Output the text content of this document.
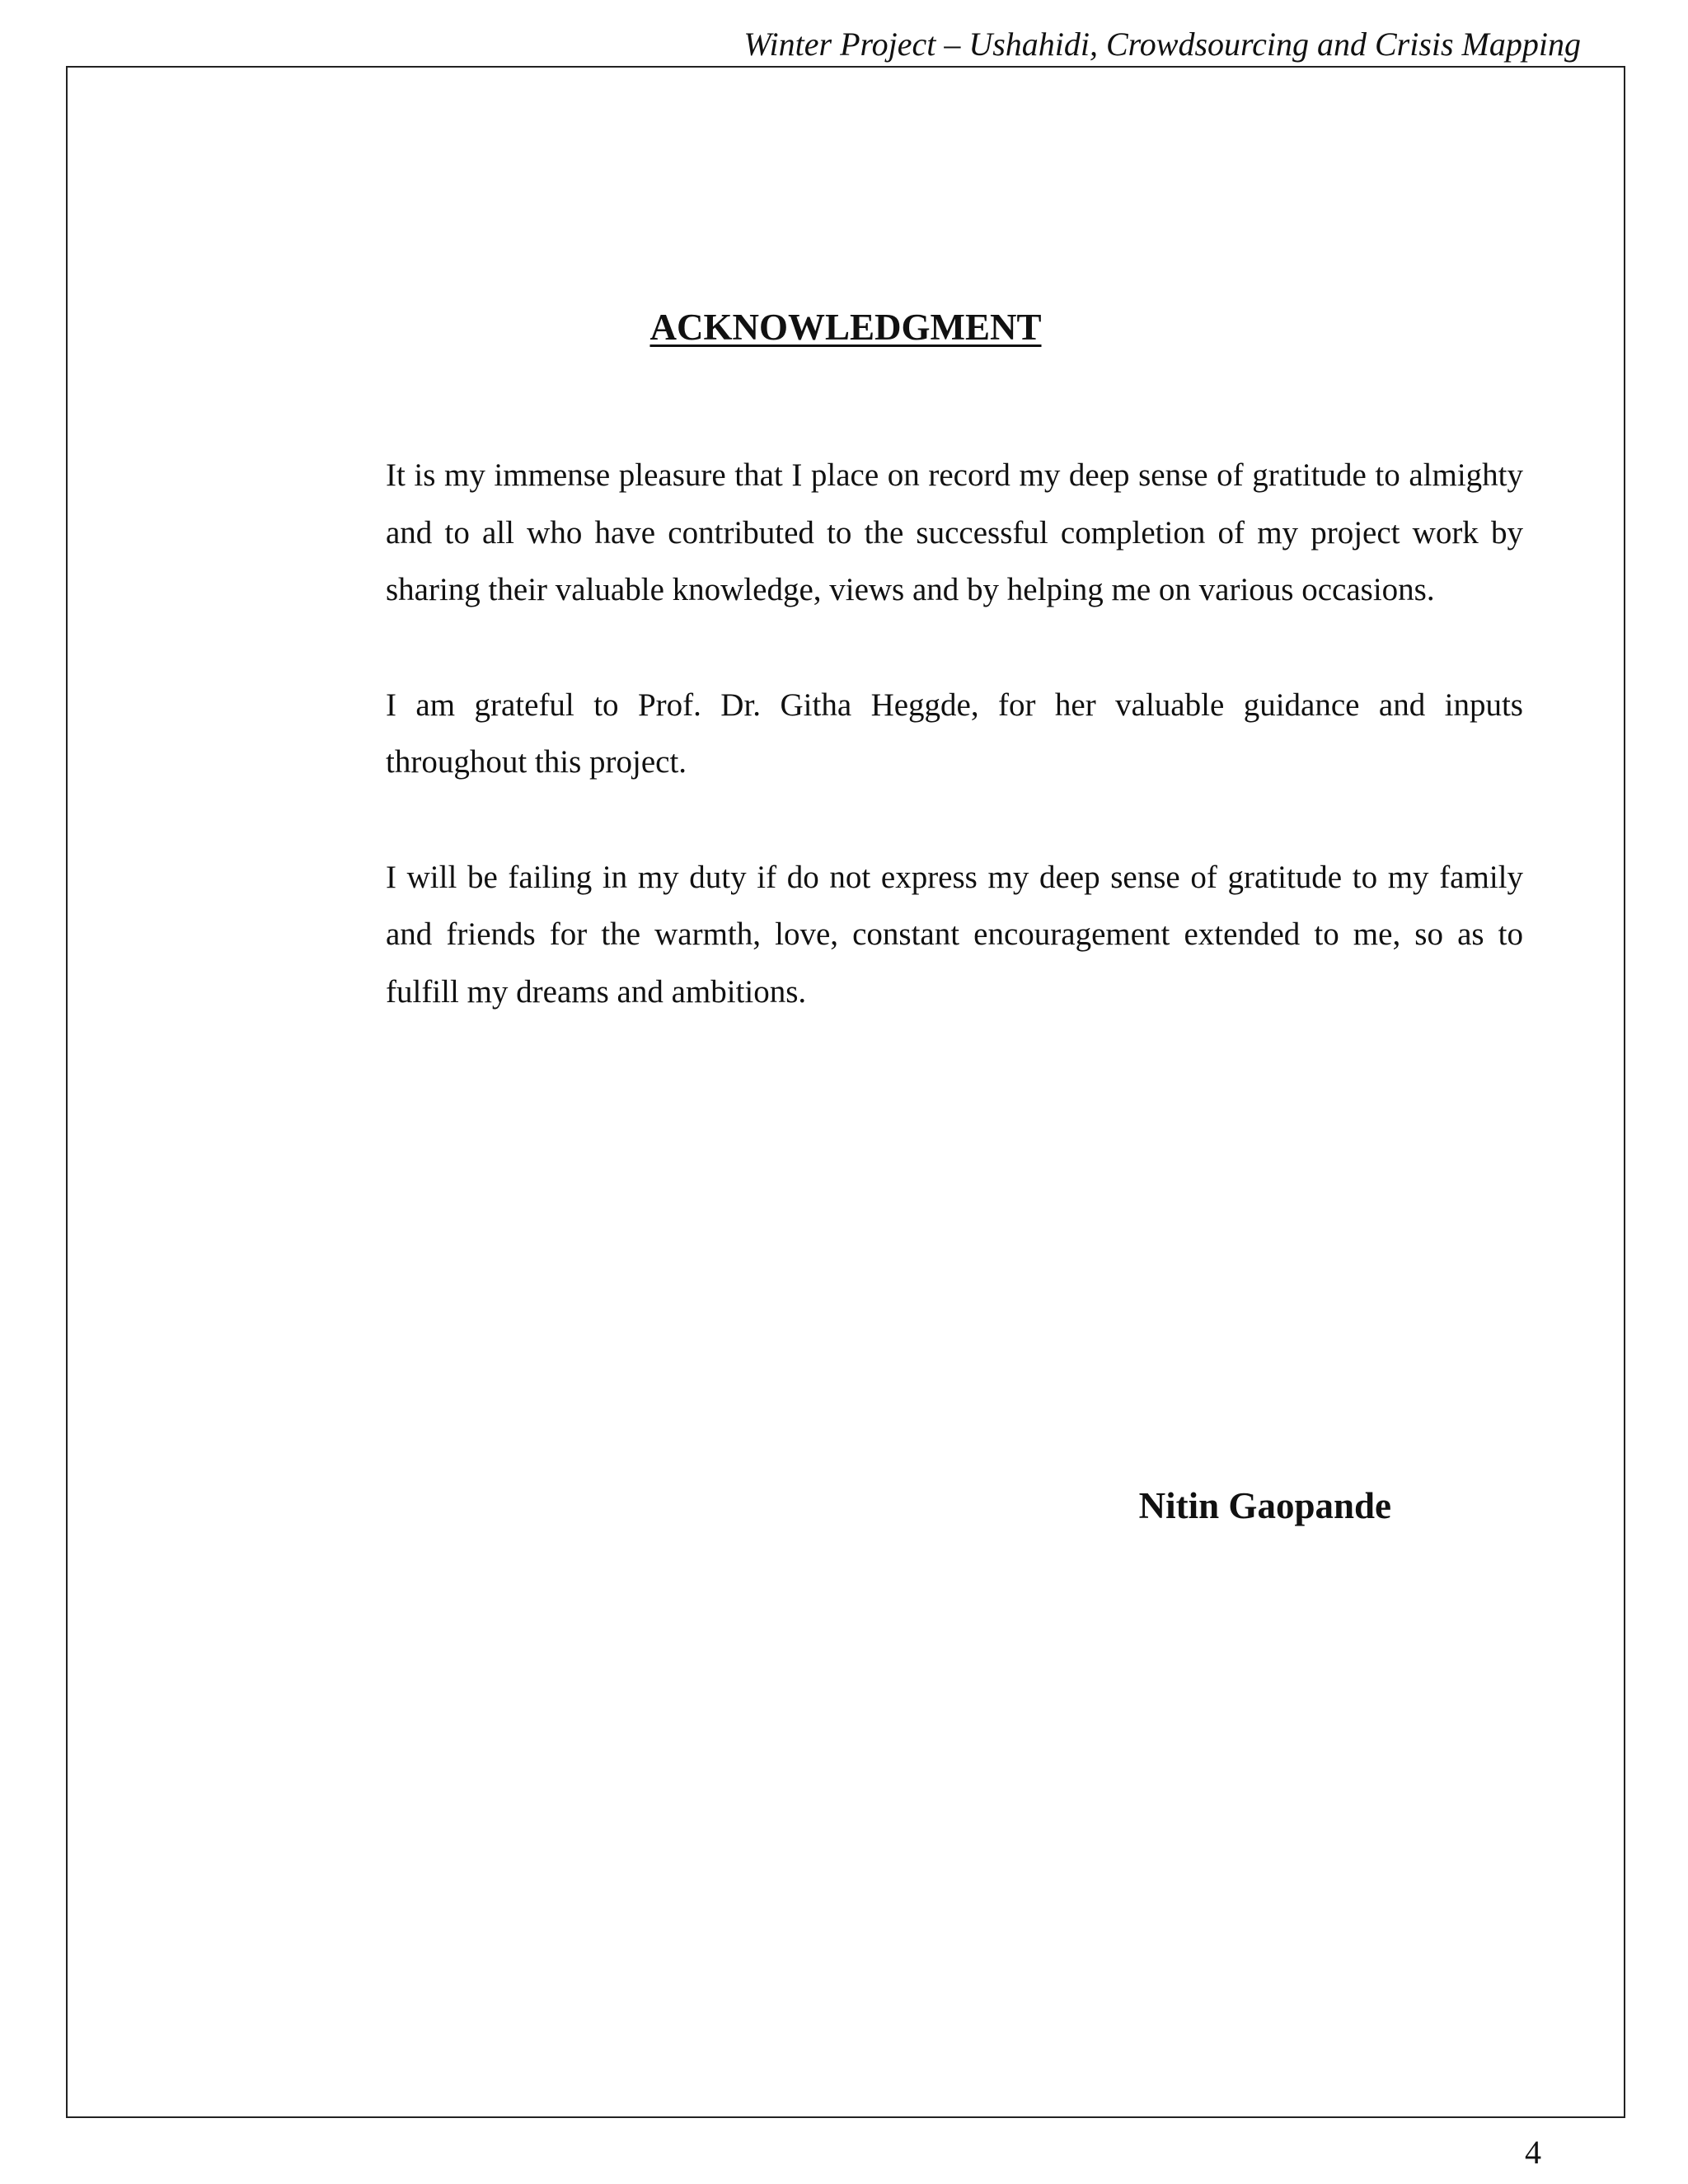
Winter Project – Ushahidi, Crowdsourcing and Crisis Mapping
ACKNOWLEDGMENT

It is my immense pleasure that I place on record my deep sense of gratitude to almighty and to all who have contributed to the successful completion of my project work by sharing their valuable knowledge, views and by helping me on various occasions.

I am grateful to Prof. Dr. Githa Heggde, for her valuable guidance and inputs throughout this project.

I will be failing in my duty if do not express my deep sense of gratitude to my family and friends for the warmth, love, constant encouragement extended to me, so as to fulfill my dreams and ambitions.

Nitin Gaopande
4
